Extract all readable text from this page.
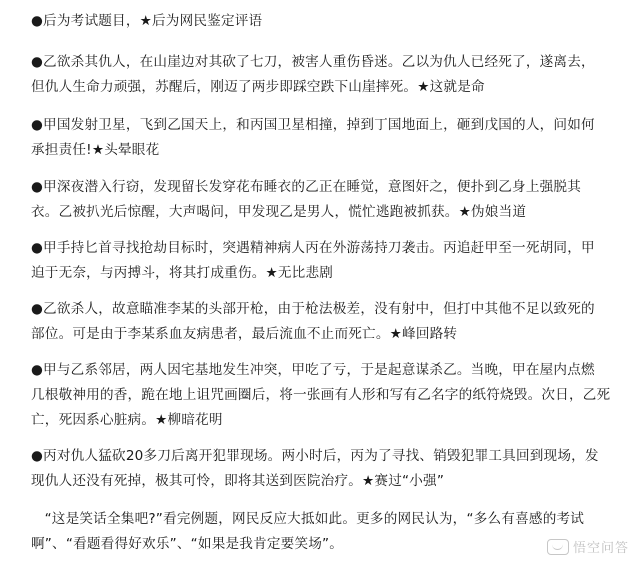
●后为考试题目，★后为网民鉴定评语

●乙欲杀其仇人，在山崖边对其砍了七刀，被害人重伤昏迷。乙以为仇人已经死了，遂离去，
但仇人生命力顽强，苏醒后，刚迈了两步即踩空跌下山崖摔死。★这就是命

●甲国发射卫星，飞到乙国天上，和丙国卫星相撞，掉到丁国地面上，砸到戊国的人，问如何
承担责任!★头晕眼花

●甲深夜潜入行窃，发现留长发穿花布睡衣的乙正在睡觉，意图奸之，便扑到乙身上强脱其
衣。乙被扒光后惊醒，大声喝问，甲发现乙是男人，慌忙逃跑被抓获。★伪娘当道

●甲手持匕首寻找抢劫目标时，突遇精神病人丙在外游荡持刀袭击。丙追赶甲至一死胡同，甲
迫于无奈，与丙搏斗，将其打成重伤。★无比悲剧

●乙欲杀人，故意瞄准李某的头部开枪，由于枪法极差，没有射中，但打中其他不足以致死的
部位。可是由于李某系血友病患者，最后流血不止而死亡。★峰回路转

●甲与乙系邻居，两人因宅基地发生冲突，甲吃了亏，于是起意谋杀乙。当晚，甲在屋内点燃
几根敬神用的香，跪在地上诅咒画圈后，将一张画有人形和写有乙名字的纸符烧毁。次日，乙死
亡，死因系心脏病。★柳暗花明

●丙对仇人猛砍20多刀后离开犯罪现场。两小时后，丙为了寻找、销毁犯罪工具回到现场，发
现仇人还没有死掉，极其可怜，即将其送到医院治疗。★赛过“小强”

“这是笑话全集吧?”看完例题，网民反应大抵如此。更多的网民认为，“多么有喜感的考试
啊”、“看题看得好欢乐”、“如果是我肯定要笑场”。	悟空问答
